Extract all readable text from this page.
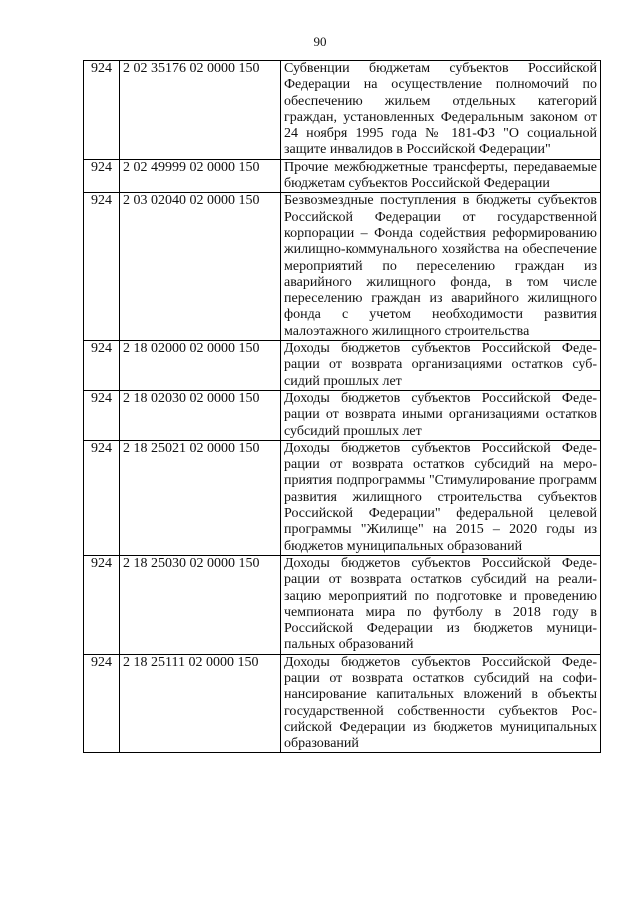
90
924	2 02 35176 02 0000 150	Субвенции бюджетам субъектов Российской Федерации на осуществление полномочий по обеспечению жильем отдельных категорий граждан, установленных Федеральным законом от 24 ноября 1995 года № 181-ФЗ "О социальной защите инвалидов в Российской Федерации"
924	2 02 49999 02 0000 150	Прочие межбюджетные трансферты, передаваемые бюджетам субъектов Российской Федерации
924	2 03 02040 02 0000 150	Безвозмездные поступления в бюджеты субъектов Российской Федерации от государственной корпорации – Фонда содействия реформированию жилищно-коммунального хозяйства на обеспечение мероприятий по переселению граждан из аварийного жилищного фонда, в том числе переселению граждан из аварийного жилищного фонда с учетом необходимости развития малоэтажного жилищного строительства
924	2 18 02000 02 0000 150	Доходы бюджетов субъектов Российской Федерации от возврата организациями остатков субсидий прошлых лет
924	2 18 02030 02 0000 150	Доходы бюджетов субъектов Российской Федерации от возврата иными организациями остатков субсидий прошлых лет
924	2 18 25021 02 0000 150	Доходы бюджетов субъектов Российской Федерации от возврата остатков субсидий на мероприятия подпрограммы "Стимулирование программ развития жилищного строительства субъектов Российской Федерации" федеральной целевой программы "Жилище" на 2015 – 2020 годы из бюджетов муниципальных образований
924	2 18 25030 02 0000 150	Доходы бюджетов субъектов Российской Федерации от возврата остатков субсидий на реализацию мероприятий по подготовке и проведению чемпионата мира по футболу в 2018 году в Российской Федерации из бюджетов муниципальных образований
924	2 18 25111 02 0000 150	Доходы бюджетов субъектов Российской Федерации от возврата остатков субсидий на софинансирование капитальных вложений в объекты государственной собственности субъектов Российской Федерации из бюджетов муниципальных образований
